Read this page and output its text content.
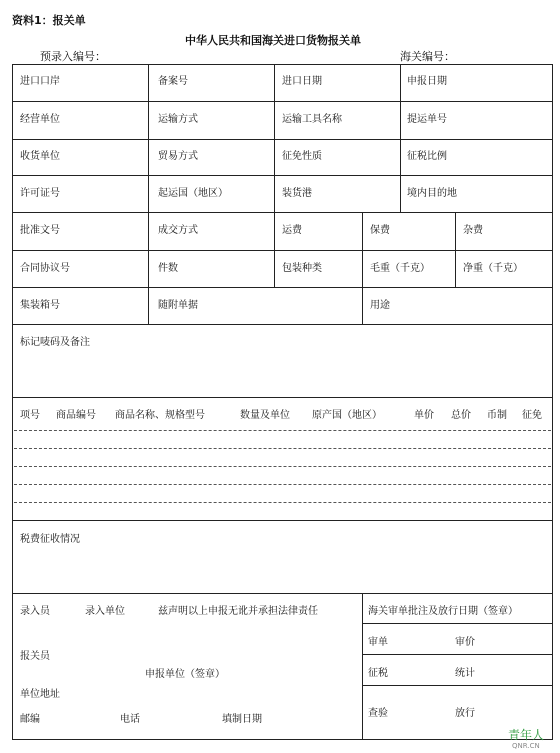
资料1：报关单
中华人民共和国海关进口货物报关单
预录入编号：	海关编号：
进口口岸	备案号	进口日期	申报日期
经营单位	运输方式	运输工具名称	提运单号
收货单位	贸易方式	征免性质	征税比例
许可证号	起运国（地区）	装货港	境内目的地
批准文号	成交方式	运费	保费	杂费
合同协议号	件数	包装种类	毛重（千克）	净重（千克）
集装箱号	随附单据	用途
标记唛码及备注
项号 商品编号 商品名称、规格型号	数量及单位 原产国（地区）	单价 总价 币制 征免
税费征收情况
录入员	录入单位	兹声明以上申报无讹并承担法律责任
报关员
申报单位（签章）
单位地址
邮编	电话	填制日期
海关审单批注及放行日期（签章）
审单	审价
征税	统计
查验	放行
青年人
QNR.CN
